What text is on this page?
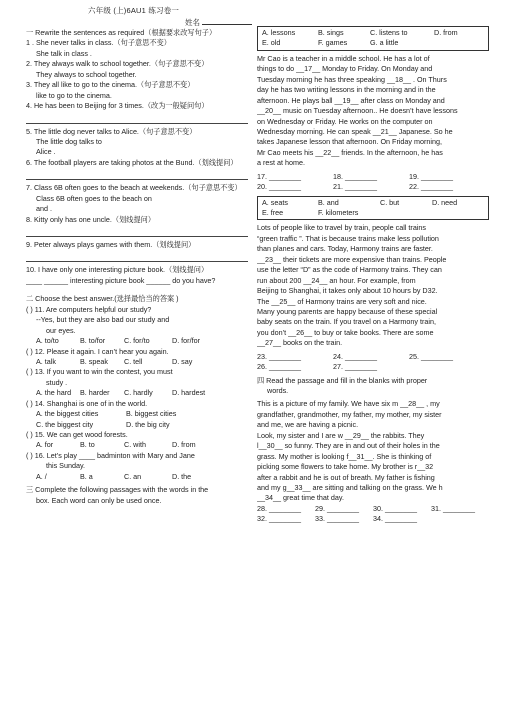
六年级 (上)6AU1 练习卷一
姓名
一 Rewrite the sentences as required（根据要求改写句子）
1 . She never talks in class.（句子意思不变）
She talk in class .
2. They always walk to school together.（句子意思不变）
They always to school together.
3. They all like to go to the cinema.（句子意思不变）
like to go to the cinema.
4. He has been to Beijing for 3 times.（改为一般疑问句）
5. The little dog never talks to Alice.（句子意思不变）
The little dog talks to
Alice .
6. The football players are taking photos at the Bund.（划线提问）
7. Class 6B often goes to the beach at weekends.（句子意思不变）
Class 6B often goes to the beach on
and .
8. Kitty only has one uncle.（划线提问）
9. Peter always plays games with them.（划线提问）
10. I have only one interesting picture book.（划线提问）
____ ______ interesting picture book ______ do you have?
二 Choose the best answer.(选择最恰当的答案 )
( ) 11. Are computers helpful our study?
--Yes, but they are also bad our study and
our eyes.
A. to/to	B. to/for	C. for/to	D. for/for
( ) 12. Please it again. I can’t hear you again.
A. talk	B. speak	C. tell	D. say
( ) 13. If you want to win the contest, you must
study .
A. the hard	B. harder	C. hardly	D. hardest
( ) 14. Shanghai is one of in the world.
A. the biggest cities	B. biggest cities
C. the biggest city	D. the big city
( ) 15. We can get wood forests.
A. for	B. to	C. with	D. from
( ) 16. Let’s play ____ badminton with Mary and Jane
this Sunday.
A. /	B. a	C. an	D. the
三 Complete the following passages with the words in the
box. Each word can only be used once.
A. lessons	B. sings	C. listens to	D. from
E. old	F. games	G. a little
Mr Cao is a teacher in a middle school. He has a lot of
things to do __17__ Monday to Friday. On Monday and
Tuesday morning he has three speaking __18__ . On Thurs
day he has two writing lessons in the morning and in the
afternoon. He plays ball __19__ after class on Monday and
__20__ music on Tuesday afternoon.. He doesn’t have lessons
on Wednesday or Friday. He works on the computer on
Wednesday morning. He can speak __21__ Japanese. So he
takes Japanese lesson that afternoon. On Friday morning,
Mr Cao meets his __22__ friends. In the afternoon, he has
a rest at home.
17. ________	18. ________	19. ________
20. ________	21. ________	22. ________
A. seats	B. and	C. but	D. need
E. free	F. kilometers
Lots of people like to travel by train, people call trains
“green traffic ”. That is because trains make less pollution
than planes and cars. Today, Harmony trains are faster.
__23__ their tickets are more expensive than trains. People
use the letter “D” as the code of Harmony trains. They can
run about 200 __24__ an hour. For example, from
Beijing to Shanghai, it takes only about 10 hours by D32.
The __25__ of Harmony trains are very soft and nice.
Many young parents are happy because of these special
baby seats on the train. If you travel on a Harmony train,
you don’t __26__ to buy or take books. There are some
__27__ books on the train.
23. ________	24. ________	25. ________
26. ________	27. ________
四 Read the passage and fill in the blanks with proper
words.
This is a picture of my family. We have six m __28__ , my
grandfather, grandmother, my father, my mother, my sister
and me, we are having a picnic.
Look, my sister and I are w __29__ the rabbits. They
l__30__ so funny. They are in and out of their holes in the
grass. My mother is looking f__31__. She is thinking of
picking some flowers to take home. My brother is r__32
after a rabbit and he is out of breath. My father is fishing
and my g__33__ are sitting and talking on the grass. We h
__34__ great time that day.
28. ________	29. ________	30. ________	31. ________
32. ________	33. ________	34. ________
